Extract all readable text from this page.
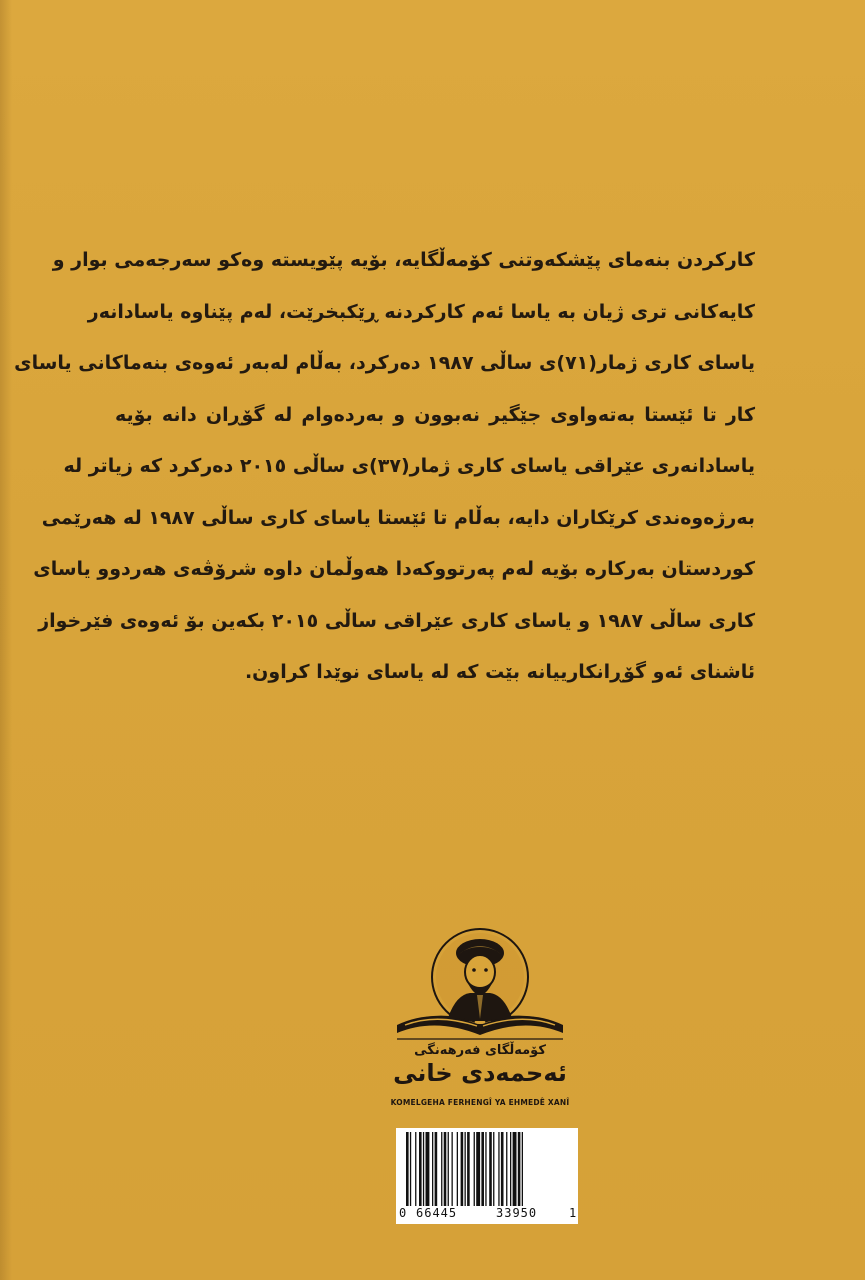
کارکردن بنەمای پێشکەوتنی کۆمەڵگایە، بۆیە پێویستە وەکو سەرجەمی بوار و
کایەکانی تری ژیان بە یاسا ئەم کارکردنە ڕێکبخرێت، لەم پێناوە یاسادانەر
یاسای کاری ژمار(٧١)ی ساڵی ١٩٨٧ دەرکرد، بەڵام لەبەر ئەوەی بنەماکانی یاسای
کار تا ئێستا بەتەواوی جێگیر نەبوون و بەردەوام لە گۆڕان دانە بۆیە
یاسادانەری عێراقی یاسای کاری ژمار(٣٧)ی ساڵی ٢٠١٥ دەرکرد کە زیاتر لە
بەرژەوەندی کرێکاران دایە، بەڵام تا ئێستا یاسای کاری ساڵی ١٩٨٧ لە هەرێمی
کوردستان بەرکارە بۆیە لەم پەرتووکەدا هەوڵمان داوە شرۆڤەی هەردوو یاسای
کاری ساڵی ١٩٨٧ و یاسای کاری عێراقی ساڵی ٢٠١٥ بکەین بۆ ئەوەی فێرخواز
ئاشنای ئەو گۆڕانکارییانە بێت کە لە یاسای نوێدا کراون.
کۆمەڵگای فەرهەنگی
ئەحمەدی خانی
KOMELGEHA FERHENGÎ YA EHMEDÊ XANÎ
0 66445	33950	1
